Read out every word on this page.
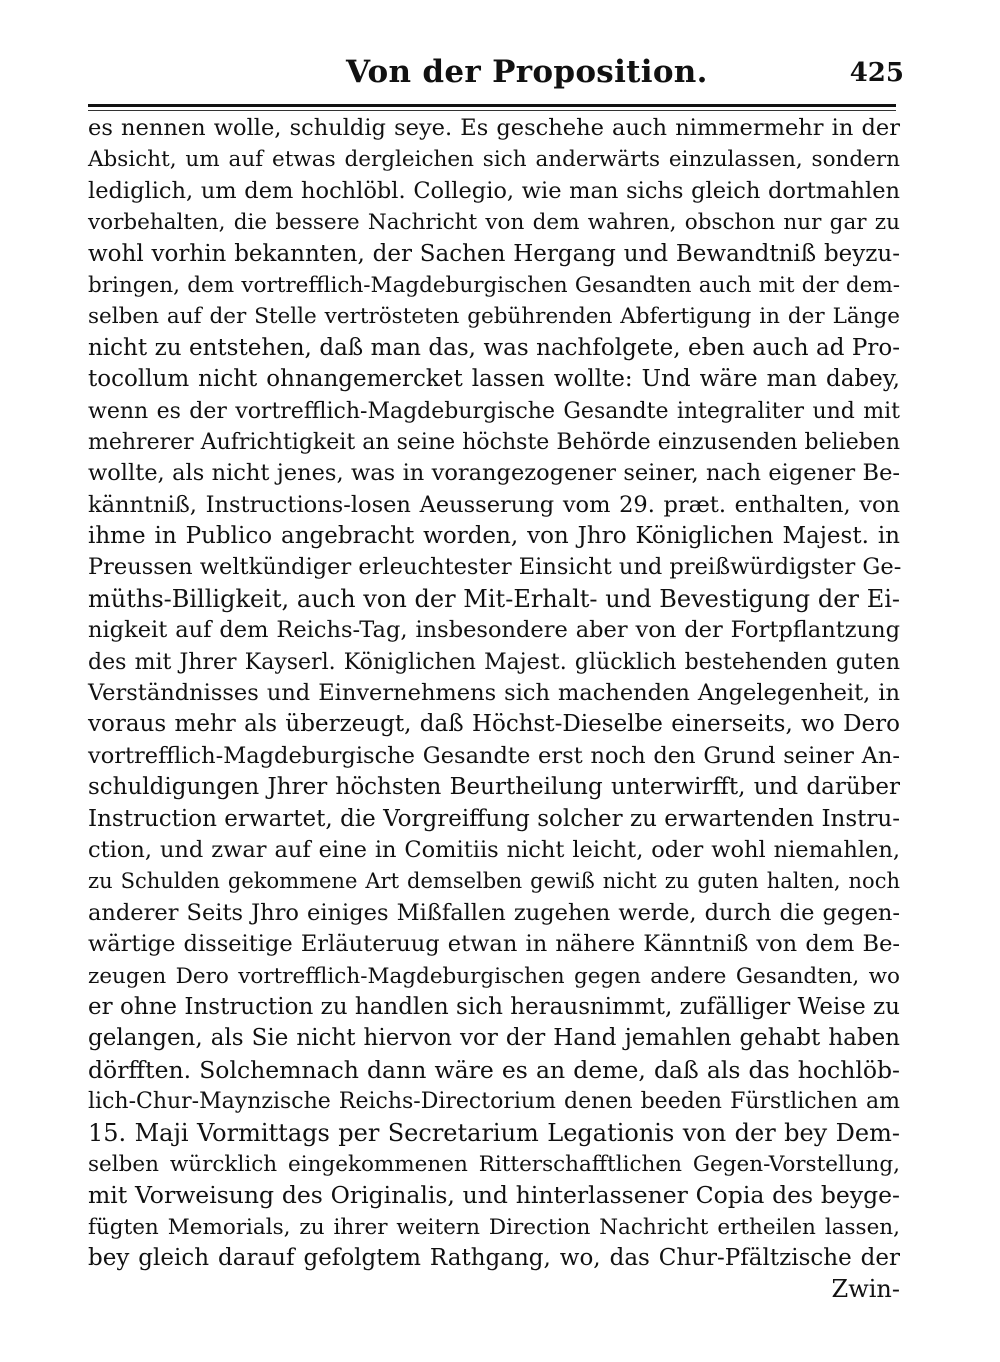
Von der Proposition.	425
es nennen wolle, schuldig seye. Es geschehe auch nimmermehr in der
Absicht, um auf etwas dergleichen sich anderwärts einzulassen, sondern
lediglich, um dem hochlöbl. Collegio, wie man sichs gleich dortmahlen
vorbehalten, die bessere Nachricht von dem wahren, obschon nur gar zu
wohl vorhin bekannten, der Sachen Hergang und Bewandtniß beyzu-
bringen, dem vortrefflich-Magdeburgischen Gesandten auch mit der dem-
selben auf der Stelle vertrösteten gebührenden Abfertigung in der Länge
nicht zu entstehen, daß man das, was nachfolgete, eben auch ad Pro-
tocollum nicht ohnangemercket lassen wollte: Und wäre man dabey,
wenn es der vortrefflich-Magdeburgische Gesandte integraliter und mit
mehrerer Aufrichtigkeit an seine höchste Behörde einzusenden belieben
wollte, als nicht jenes, was in vorangezogener seiner, nach eigener Be-
känntniß, Instructions-losen Aeusserung vom 29. præt. enthalten, von
ihme in Publico angebracht worden, von Jhro Königlichen Majest. in
Preussen weltkündiger erleuchtester Einsicht und preißwürdigster Ge-
müths-Billigkeit, auch von der Mit-Erhalt- und Bevestigung der Ei-
nigkeit auf dem Reichs-Tag, insbesondere aber von der Fortpflantzung
des mit Jhrer Kayserl. Königlichen Majest. glücklich bestehenden guten
Verständnisses und Einvernehmens sich machenden Angelegenheit, in
voraus mehr als überzeugt, daß Höchst-Dieselbe einerseits, wo Dero
vortrefflich-Magdeburgische Gesandte erst noch den Grund seiner An-
schuldigungen Jhrer höchsten Beurtheilung unterwirfft, und darüber
Instruction erwartet, die Vorgreiffung solcher zu erwartenden Instru-
ction, und zwar auf eine in Comitiis nicht leicht, oder wohl niemahlen,
zu Schulden gekommene Art demselben gewiß nicht zu guten halten, noch
anderer Seits Jhro einiges Mißfallen zugehen werde, durch die gegen-
wärtige disseitige Erläuteruug etwan in nähere Känntniß von dem Be-
zeugen Dero vortrefflich-Magdeburgischen gegen andere Gesandten, wo
er ohne Instruction zu handlen sich herausnimmt, zufälliger Weise zu
gelangen, als Sie nicht hiervon vor der Hand jemahlen gehabt haben
dörfften. Solchemnach dann wäre es an deme, daß als das hochlöb-
lich-Chur-Maynzische Reichs-Directorium denen beeden Fürstlichen am
15. Maji Vormittags per Secretarium Legationis von der bey Dem-
selben würcklich eingekommenen Ritterschafftlichen Gegen-Vorstellung,
mit Vorweisung des Originalis, und hinterlassener Copia des beyge-
fügten Memorials, zu ihrer weitern Direction Nachricht ertheilen lassen,
bey gleich darauf gefolgtem Rathgang, wo, das Chur-Pfältzische der
Zwin-
